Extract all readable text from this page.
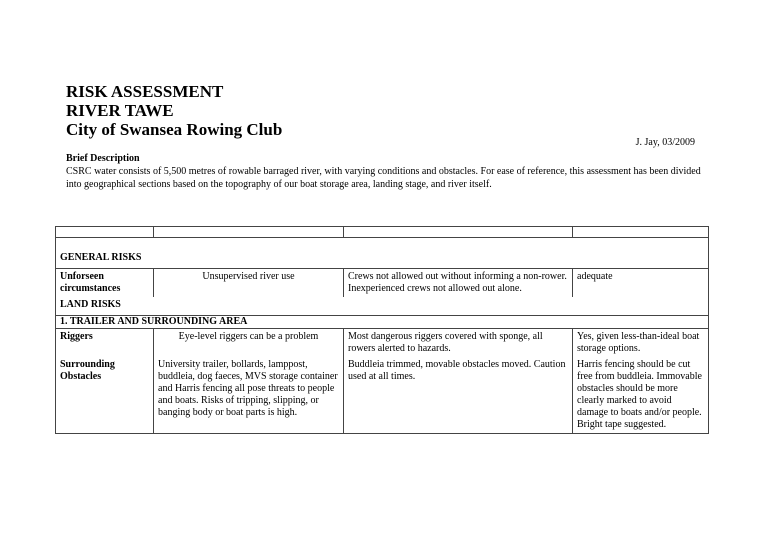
RISK ASSESSMENT
RIVER TAWE
City of Swansea Rowing Club
J. Jay, 03/2009
Brief Description
CSRC water consists of 5,500 metres of rowable barraged river, with varying conditions and obstacles. For ease of reference, this assessment has been divided into geographical sections based on the topography of our boat storage area, landing stage, and river itself.

GENERAL RISKS			
Unforseen circumstances	Unsupervised river use	Crews not allowed out without informing a non-rower. Inexperienced crews not allowed out alone.	adequate
LAND RISKS			
1. TRAILER AND SURROUNDING AREA			
Riggers	Eye-level riggers can be a problem	Most dangerous riggers covered with sponge, all rowers alerted to hazards.	Yes, given less-than-ideal boat storage options.
Surrounding Obstacles	University trailer, bollards, lamppost, buddleia, dog faeces, MVS storage container and Harris fencing all pose threats to people and boats. Risks of tripping, slipping, or banging body or boat parts is high.	Buddleia trimmed, movable obstacles moved. Caution used at all times.	Harris fencing should be cut free from buddleia. Immovable obstacles should be more clearly marked to avoid damage to boats and/or people. Bright tape suggested.
